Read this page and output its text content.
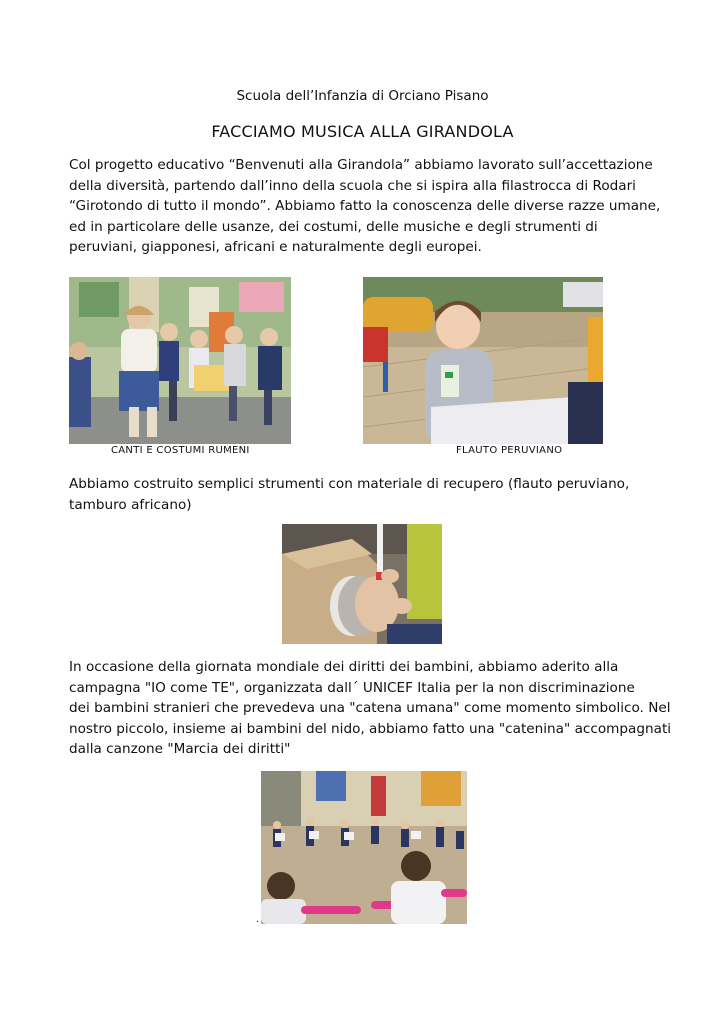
Scuola dell’Infanzia di Orciano Pisano
FACCIAMO MUSICA ALLA GIRANDOLA
Col progetto educativo “Benvenuti alla Girandola” abbiamo lavorato sull’accettazione
della diversità, partendo dall’inno della scuola che si ispira alla filastrocca di Rodari
“Girotondo di tutto il mondo”. Abbiamo fatto la conoscenza delle diverse razze umane,
ed in particolare delle usanze, dei costumi, delle musiche e degli strumenti di
peruviani, giapponesi, africani e naturalmente degli europei.
CANTI E COSTUMI RUMENI	FLAUTO PERUVIANO
Abbiamo costruito semplici strumenti con materiale di recupero (flauto peruviano,
tamburo africano)
In occasione della giornata mondiale dei diritti dei bambini, abbiamo aderito alla
campagna "IO come TE", organizzata dall´ UNICEF Italia per la non discriminazione
dei bambini stranieri che prevedeva una "catena umana" come momento simbolico. Nel
nostro piccolo, insieme ai bambini del nido, abbiamo fatto una "catenina" accompagnati
dalla canzone "Marcia dei diritti"
.
